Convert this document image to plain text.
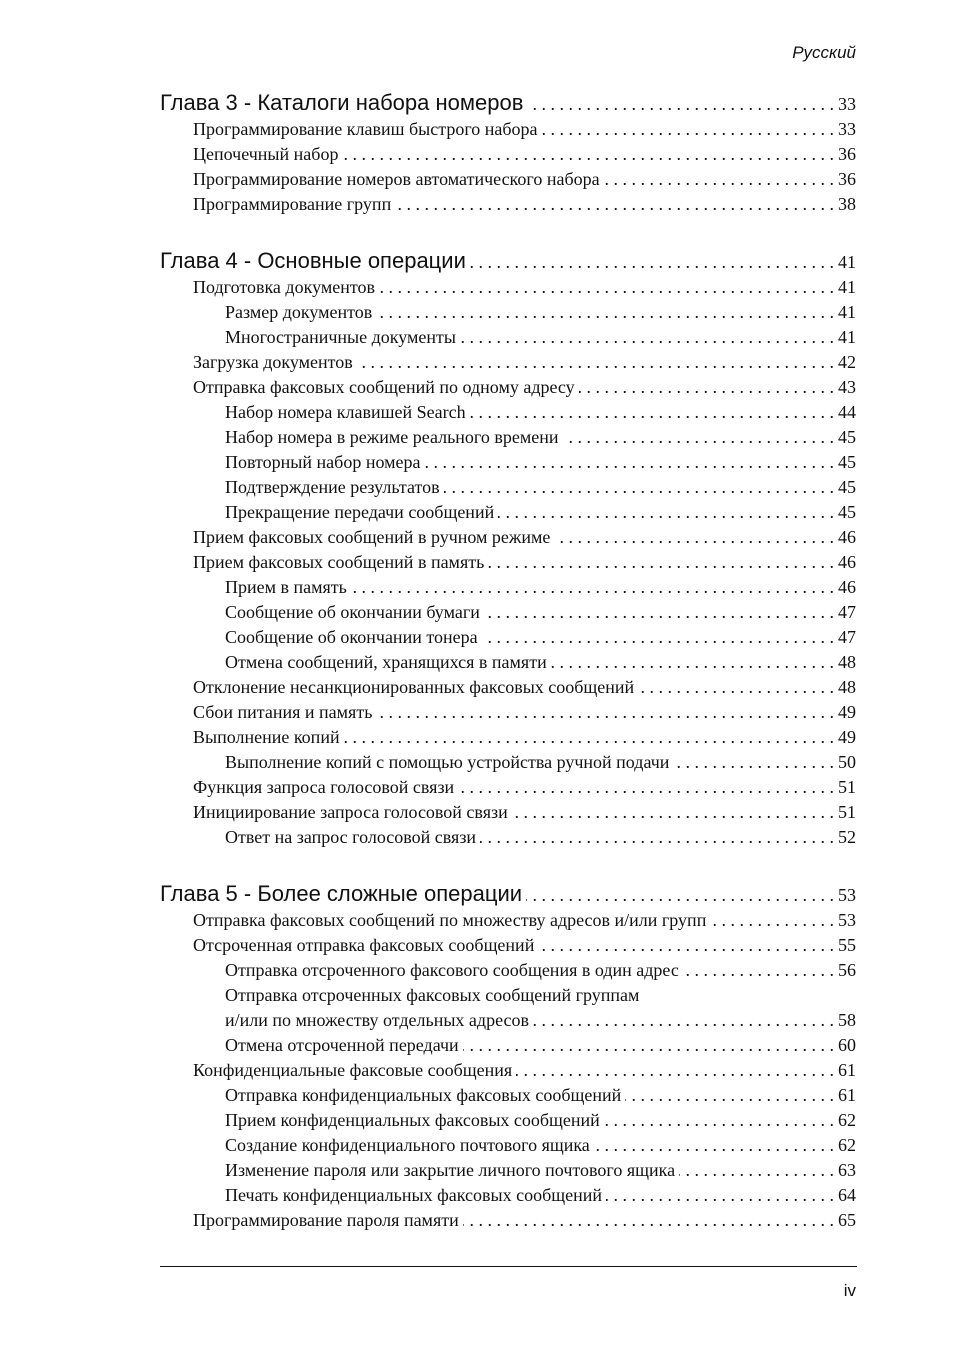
Русский
Глава 3 - Каталоги набора номеров . . .	33
Программирование клавиш быстрого набора . . .	33
Цепочечный набор . . .	36
Программирование номеров автоматического набора . . .	36
Программирование групп . . .	38
Глава 4 - Основные операции . . .	41
Подготовка документов . . .	41
Размер документов . . .	41
Многостраничные документы . . .	41
Загрузка документов . . .	42
Отправка факсовых сообщений по одному адресу . . .	43
Набор номера клавишей Search . . .	44
Набор номера в режиме реального времени . . .	45
Повторный набор номера . . .	45
Подтверждение результатов . . .	45
Прекращение передачи сообщений . . .	45
Прием факсовых сообщений в ручном режиме . . .	46
Прием факсовых сообщений в память . . .	46
Прием в память . . .	46
Сообщение об окончании бумаги . . .	47
Сообщение об окончании тонера . . .	47
Отмена сообщений, хранящихся в памяти . . .	48
Отклонение несанкционированных факсовых сообщений . . .	48
Сбои питания и память . . .	49
Выполнение копий . . .	49
Выполнение копий с помощью устройства ручной подачи . . .	50
Функция запроса голосовой связи . . .	51
Инициирование запроса голосовой связи . . .	51
Ответ на запрос голосовой связи . . .	52
Глава 5 - Более сложные операции . . .	53
Отправка факсовых сообщений по множеству адресов и/или групп . . .	53
Отсроченная отправка факсовых сообщений . . .	55
Отправка отсроченного факсового сообщения в один адрес . . .	56
Отправка отсроченных факсовых сообщений группам
и/или по множеству отдельных адресов . . .	58
Отмена отсроченной передачи . . .	60
Конфиденциальные факсовые сообщения . . .	61
Отправка конфиденциальных факсовых сообщений . . .	61
Прием конфиденциальных факсовых сообщений . . .	62
Создание конфиденциального почтового ящика . . .	62
Изменение пароля или закрытие личного почтового ящика . . .	63
Печать конфиденциальных факсовых сообщений . . .	64
Программирование пароля памяти . . .	65
iv
